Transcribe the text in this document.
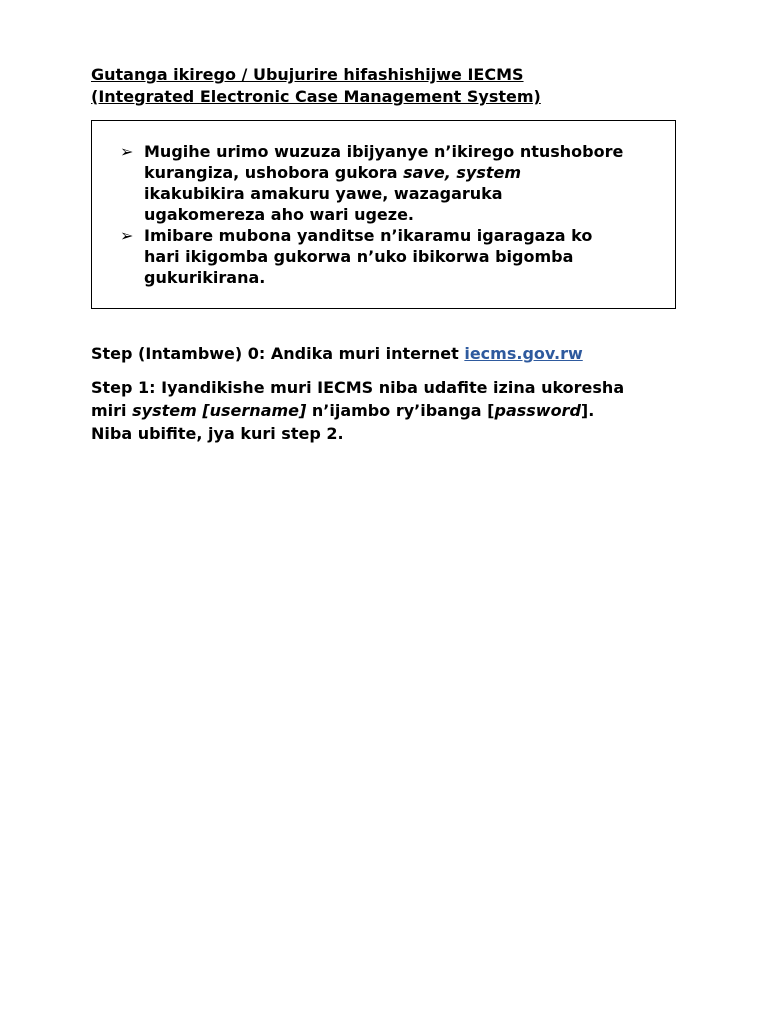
Gutanga ikirego / Ubujurire hifashishijwe IECMS
(Integrated Electronic Case Management System)
➢ Mugihe urimo wuzuza ibijyanye n’ikirego ntushobore
kurangiza, ushobora gukora save, system
ikakubikira amakuru yawe, wazagaruka
ugakomereza aho wari ugeze.
➢ Imibare mubona yanditse n’ikaramu igaragaza ko
hari ikigomba gukorwa n’uko ibikorwa bigomba
gukurikirana.
Step (Intambwe) 0: Andika muri internet iecms.gov.rw
Step 1: Iyandikishe muri IECMS niba udafite izina ukoresha
miri system [username] n’ijambo ry’ibanga [password].
Niba ubifite, jya kuri step 2.
